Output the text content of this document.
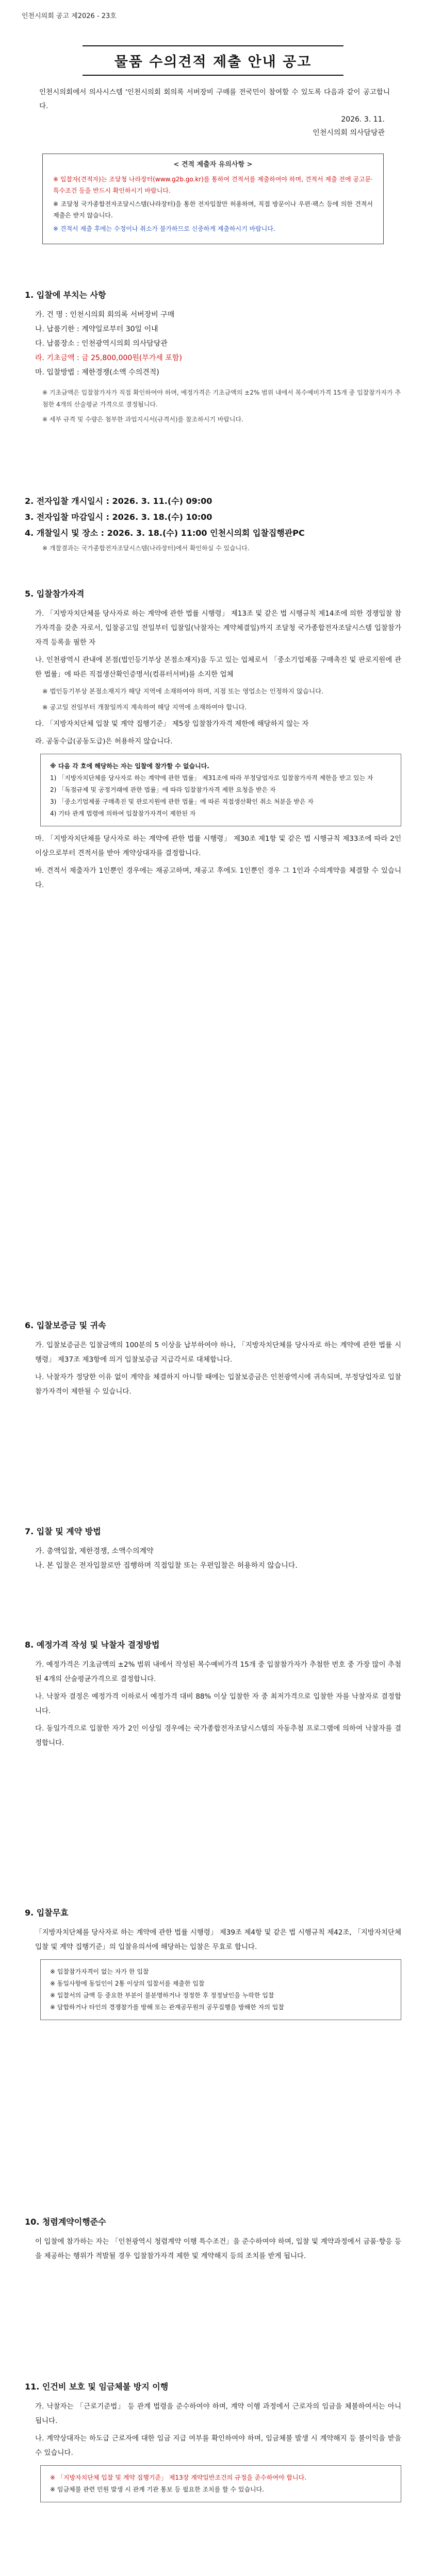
인천시의회 공고 제2026 - 23호
물품 수의견적 제출 안내 공고
인천시의회에서 의사시스템 '인천시의회 회의록 서버장비 구매를 전국민이 참여할 수 있도록 다음과 같이 공고합니다.
2026. 3. 11.
인천시의회 의사담당관
< 견적 제출자 유의사항 >

※ 입찰자(견적자)는 조달청 나라장터(www.g2b.go.kr)를 통하여 견적서를 제출하여야 하며, 견적서 제출 전에 공고문·특수조건 등을 반드시 확인하시기 바랍니다.

※ 조달청 국가종합전자조달시스템(나라장터)을 통한 전자입찰만 허용하며, 직접 방문이나 우편·팩스 등에 의한 견적서 제출은 받지 않습니다.

※ 견적서 제출 후에는 수정이나 취소가 불가하므로 신중하게 제출하시기 바랍니다.

1. 입찰에 부치는 사항
가. 건 명 : 인천시의회 회의록 서버장비 구매
나. 납품기한 : 계약일로부터 30일 이내
다. 납품장소 : 인천광역시의회 의사담당관
라. 기초금액 : 금 25,800,000원(부가세 포함)
마. 입찰방법 : 제한경쟁(소액 수의견적)
※ 기초금액은 입찰참가자가 직접 확인하여야 하며, 예정가격은 기초금액의 ±2% 범위 내에서 복수예비가격 15개 중 입찰참가자가 추첨한 4개의 산술평균 가격으로 결정됩니다.
※ 세부 규격 및 수량은 첨부한 과업지시서(규격서)를 참조하시기 바랍니다.
2. 전자입찰 개시일시 : 2026. 3. 11.(수) 09:00
3. 전자입찰 마감일시 : 2026. 3. 18.(수) 10:00
4. 개찰일시 및 장소 : 2026. 3. 18.(수) 11:00 인천시의회 입찰집행관PC
※ 개찰결과는 국가종합전자조달시스템(나라장터)에서 확인하실 수 있습니다.
5. 입찰참가자격
가. 「지방자치단체를 당사자로 하는 계약에 관한 법률 시행령」 제13조 및 같은 법 시행규칙 제14조에 의한 경쟁입찰 참가자격을 갖춘 자로서, 입찰공고일 전일부터 입찰일(낙찰자는 계약체결일)까지 조달청 국가종합전자조달시스템 입찰참가자격 등록을 필한 자
나. 인천광역시 관내에 본점(법인등기부상 본점소재지)을 두고 있는 업체로서 「중소기업제품 구매촉진 및 판로지원에 관한 법률」에 따른 직접생산확인증명서(컴퓨터서버)를 소지한 업체
※ 법인등기부상 본점소재지가 해당 지역에 소재하여야 하며, 지점 또는 영업소는 인정하지 않습니다.
※ 공고일 전일부터 개찰일까지 계속하여 해당 지역에 소재하여야 합니다.
다. 「지방자치단체 입찰 및 계약 집행기준」 제5장 입찰참가자격 제한에 해당하지 않는 자
라. 공동수급(공동도급)은 허용하지 않습니다.
※ 다음 각 호에 해당하는 자는 입찰에 참가할 수 없습니다.
1) 「지방자치단체를 당사자로 하는 계약에 관한 법률」 제31조에 따라 부정당업자로 입찰참가자격 제한을 받고 있는 자
2) 「독점규제 및 공정거래에 관한 법률」에 따라 입찰참가자격 제한 요청을 받은 자
3) 「중소기업제품 구매촉진 및 판로지원에 관한 법률」에 따른 직접생산확인 취소 처분을 받은 자
4) 기타 관계 법령에 의하여 입찰참가자격이 제한된 자
마. 「지방자치단체를 당사자로 하는 계약에 관한 법률 시행령」 제30조 제1항 및 같은 법 시행규칙 제33조에 따라 2인 이상으로부터 견적서를 받아 계약상대자를 결정합니다.
바. 견적서 제출자가 1인뿐인 경우에는 재공고하며, 재공고 후에도 1인뿐인 경우 그 1인과 수의계약을 체결할 수 있습니다.
6. 입찰보증금 및 귀속
가. 입찰보증금은 입찰금액의 100분의 5 이상을 납부하여야 하나, 「지방자치단체를 당사자로 하는 계약에 관한 법률 시행령」 제37조 제3항에 의거 입찰보증금 지급각서로 대체합니다.
나. 낙찰자가 정당한 이유 없이 계약을 체결하지 아니할 때에는 입찰보증금은 인천광역시에 귀속되며, 부정당업자로 입찰참가자격이 제한될 수 있습니다.
7. 입찰 및 계약 방법
가. 총액입찰, 제한경쟁, 소액수의계약
나. 본 입찰은 전자입찰로만 집행하며 직접입찰 또는 우편입찰은 허용하지 않습니다.
8. 예정가격 작성 및 낙찰자 결정방법
가. 예정가격은 기초금액의 ±2% 범위 내에서 작성된 복수예비가격 15개 중 입찰참가자가 추첨한 번호 중 가장 많이 추첨된 4개의 산술평균가격으로 결정합니다.
나. 낙찰자 결정은 예정가격 이하로서 예정가격 대비 88% 이상 입찰한 자 중 최저가격으로 입찰한 자를 낙찰자로 결정합니다.
다. 동일가격으로 입찰한 자가 2인 이상일 경우에는 국가종합전자조달시스템의 자동추첨 프로그램에 의하여 낙찰자를 결정합니다.
9. 입찰무효
「지방자치단체를 당사자로 하는 계약에 관한 법률 시행령」 제39조 제4항 및 같은 법 시행규칙 제42조, 「지방자치단체 입찰 및 계약 집행기준」의 입찰유의서에 해당하는 입찰은 무효로 합니다.
※ 입찰참가자격이 없는 자가 한 입찰
※ 동일사항에 동일인이 2통 이상의 입찰서를 제출한 입찰
※ 입찰서의 금액 등 중요한 부분이 불분명하거나 정정한 후 정정날인을 누락한 입찰
※ 담합하거나 타인의 경쟁참가를 방해 또는 관계공무원의 공무집행을 방해한 자의 입찰
10. 청렴계약이행준수
이 입찰에 참가하는 자는 「인천광역시 청렴계약 이행 특수조건」을 준수하여야 하며, 입찰 및 계약과정에서 금품·향응 등을 제공하는 행위가 적발될 경우 입찰참가자격 제한 및 계약해지 등의 조치를 받게 됩니다.
11. 인건비 보호 및 임금체불 방지 이행
가. 낙찰자는 「근로기준법」 등 관계 법령을 준수하여야 하며, 계약 이행 과정에서 근로자의 임금을 체불하여서는 아니 됩니다.
나. 계약상대자는 하도급 근로자에 대한 임금 지급 여부를 확인하여야 하며, 임금체불 발생 시 계약해지 등 불이익을 받을 수 있습니다.
※ 「지방자치단체 입찰 및 계약 집행기준」 제13장 계약일반조건의 규정을 준수하여야 합니다.
※ 임금체불 관련 민원 발생 시 관계 기관 통보 등 필요한 조치를 할 수 있습니다.
